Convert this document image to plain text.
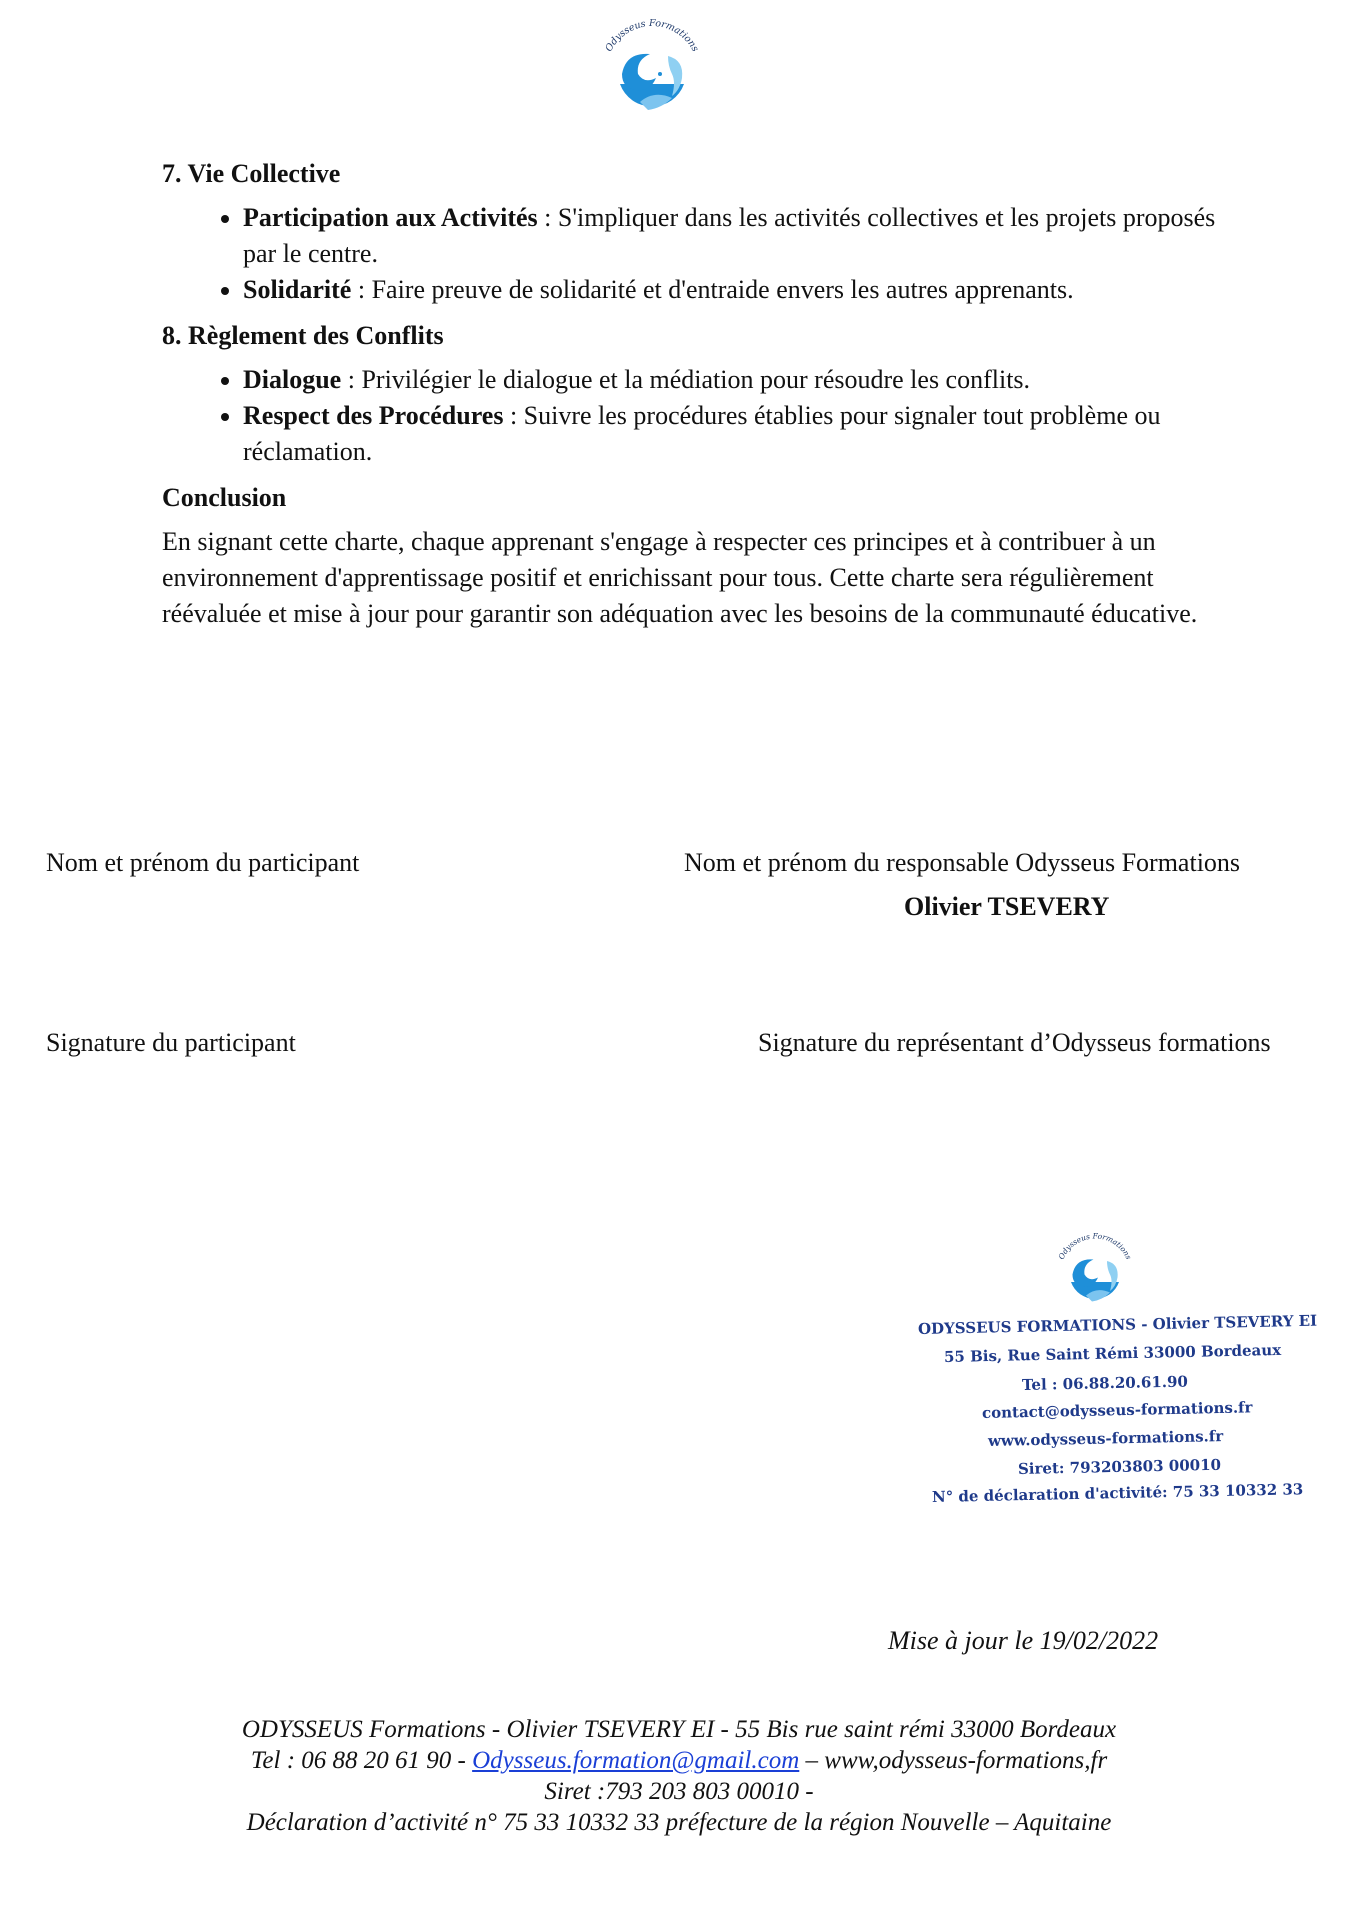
Odysseus Formations
7. Vie Collective
• Participation aux Activités : S'impliquer dans les activités collectives et les projets proposés par le centre.
• Solidarité : Faire preuve de solidarité et d'entraide envers les autres apprenants.
8. Règlement des Conflits
• Dialogue : Privilégier le dialogue et la médiation pour résoudre les conflits.
• Respect des Procédures : Suivre les procédures établies pour signaler tout problème ou réclamation.
Conclusion

En signant cette charte, chaque apprenant s'engage à respecter ces principes et à contribuer à un environnement d'apprentissage positif et enrichissant pour tous. Cette charte sera régulièrement réévaluée et mise à jour pour garantir son adéquation avec les besoins de la communauté éducative.

Nom et prénom du participant	Nom et prénom du responsable Odysseus Formations
Olivier TSEVERY
Signature du participant	Signature du représentant d’Odysseus formations
Odysseus Formations
ODYSSEUS FORMATIONS - Olivier TSEVERY EI
55 Bis, Rue Saint Rémi 33000 Bordeaux
Tel : 06.88.20.61.90
contact@odysseus-formations.fr
www.odysseus-formations.fr
Siret: 793203803 00010
N° de déclaration d'activité: 75 33 10332 33
Mise à jour le 19/02/2022
ODYSSEUS Formations - Olivier TSEVERY EI - 55 Bis rue saint rémi 33000 Bordeaux
Tel : 06 88 20 61 90 - Odysseus.formation@gmail.com – www,odysseus-formations,fr
Siret :793 203 803 00010 -
Déclaration d’activité n° 75 33 10332 33 préfecture de la région Nouvelle – Aquitaine
